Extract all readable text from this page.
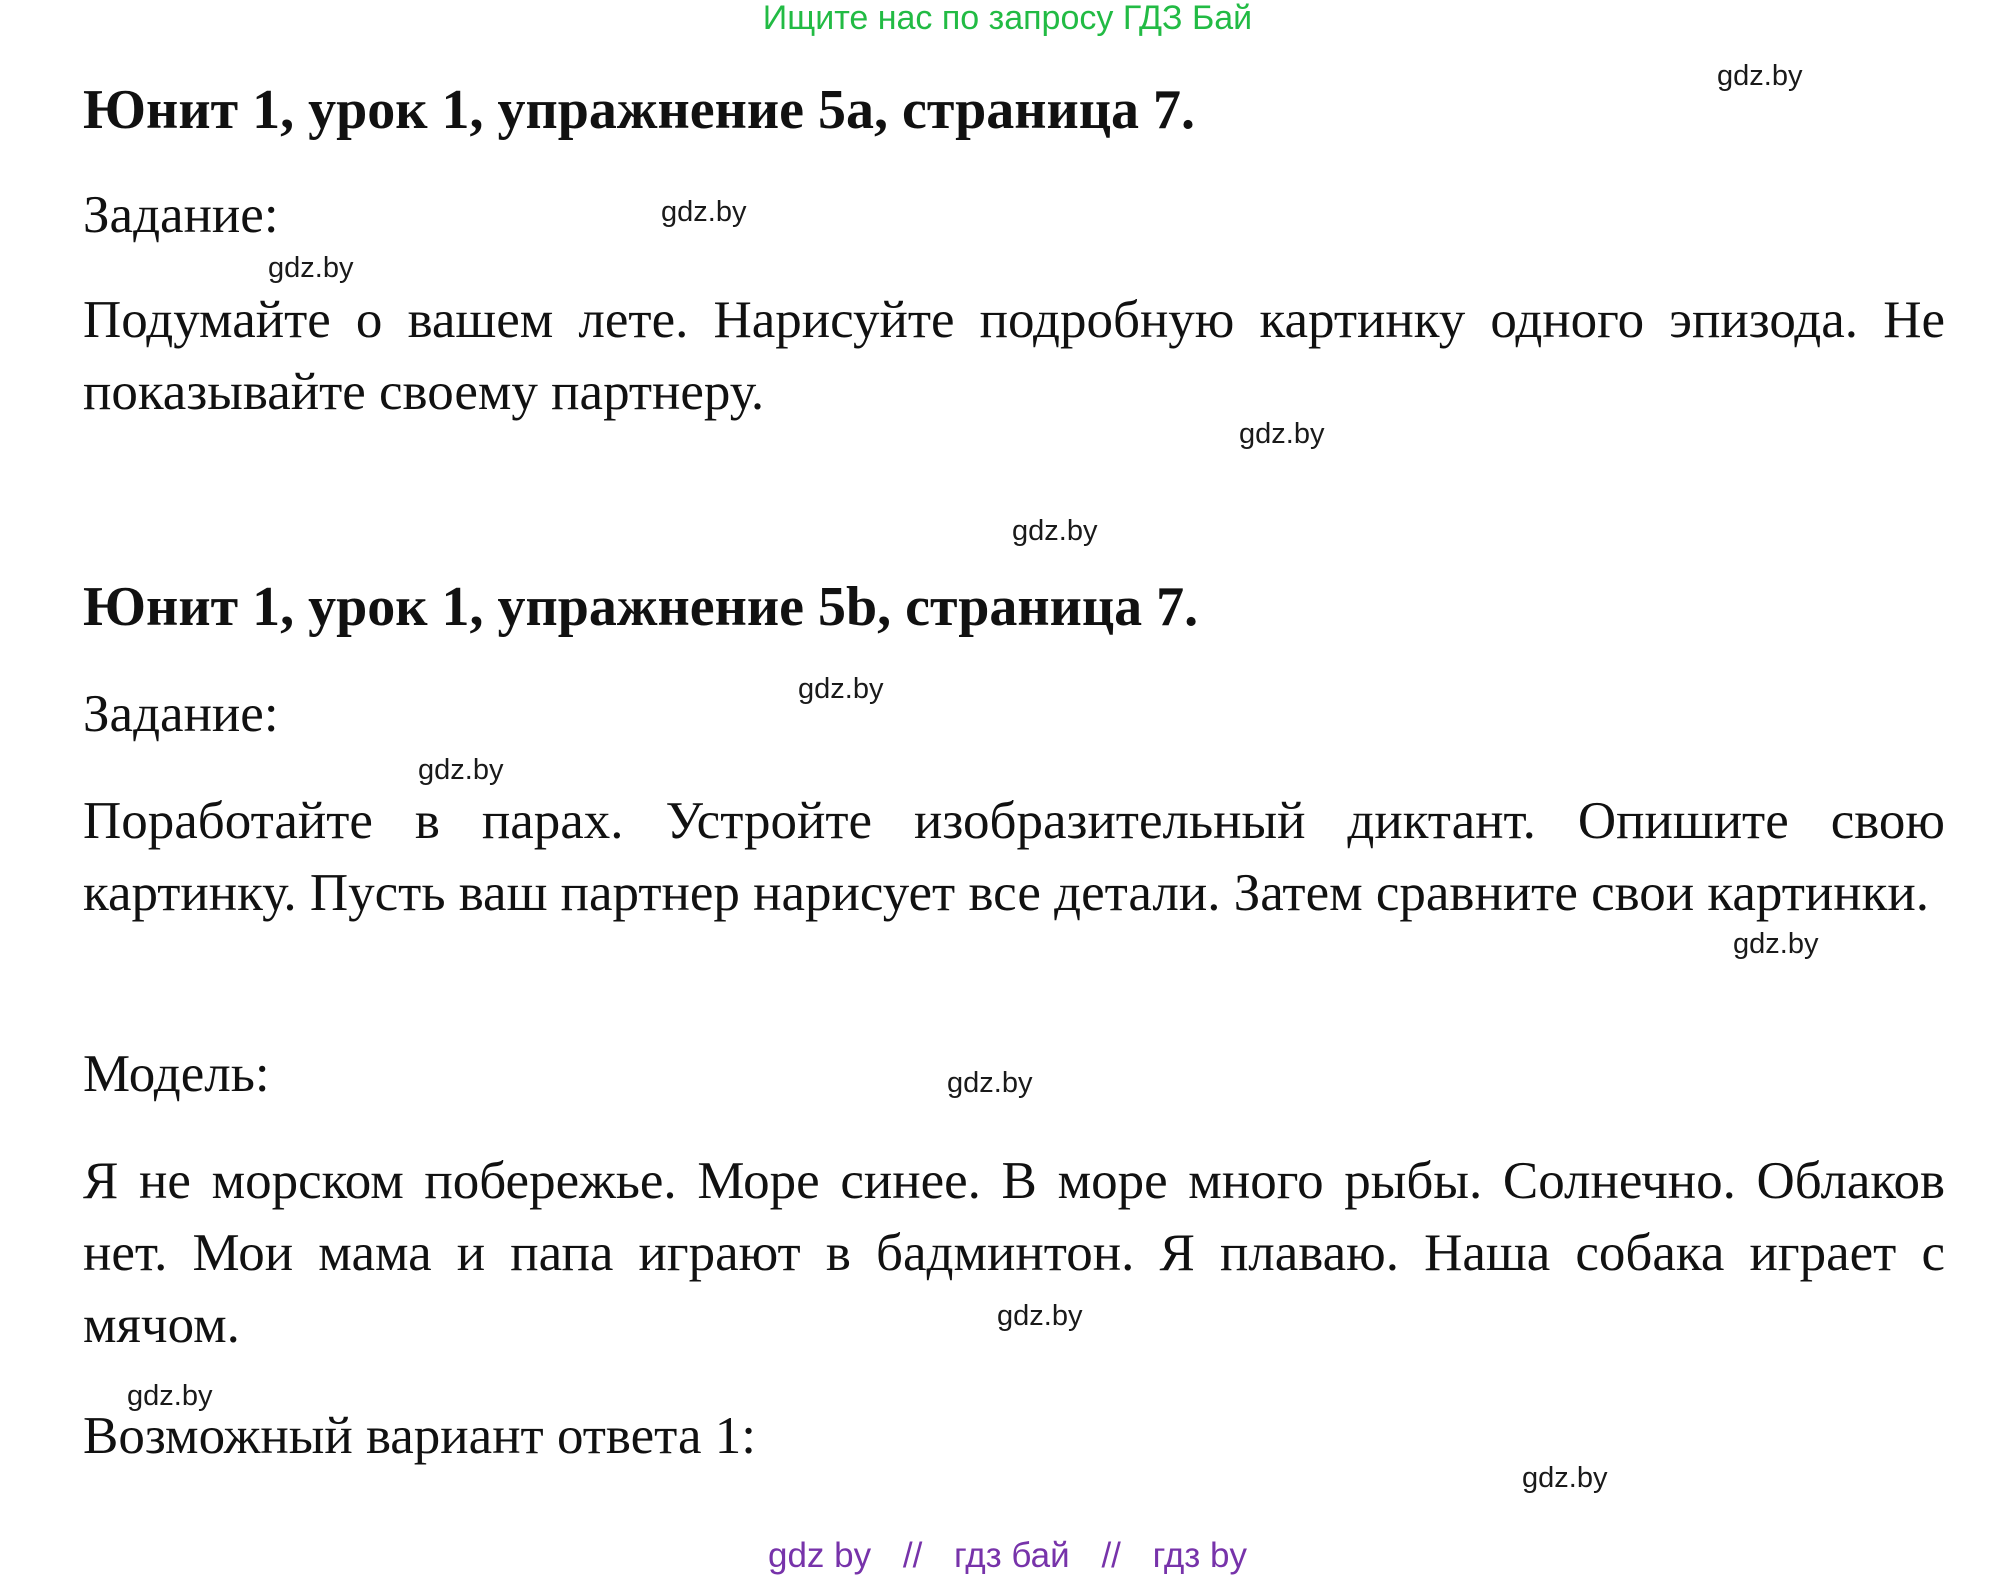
Ищите нас по запросу ГДЗ Бай
Юнит 1, урок 1, упражнение 5a, страница 7.
Задание:
Подумайте о вашем лете. Нарисуйте подробную картинку одного эпизода. Не показывайте своему партнеру.
Юнит 1, урок 1, упражнение 5b, страница 7.
Задание:
Поработайте в парах. Устройте изобразительный диктант. Опишите свою картинку. Пусть ваш партнер нарисует все детали. Затем сравните свои картинки.
Модель:
Я не морском побережье. Море синее. В море много рыбы. Солнечно. Облаков нет. Мои мама и папа играют в бадминтон. Я плаваю. Наша собака играет с мячом.
Возможный вариант ответа 1:
gdz.by
gdz.by
gdz.by
gdz.by
gdz.by
gdz.by
gdz.by
gdz.by
gdz.by
gdz.by
gdz.by
gdz.by
gdz by // гдз бай // гдз by
